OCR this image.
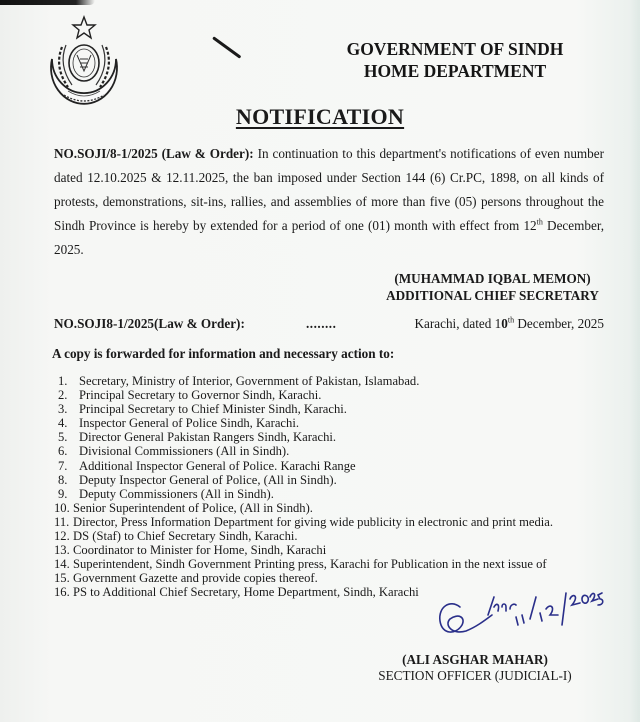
GOVERNMENT OF SINDH
HOME DEPARTMENT
NOTIFICATION
NO.SOJI/8-1/2025 (Law & Order): In continuation to this department's notifications of even number dated 12.10.2025 & 12.11.2025, the ban imposed under Section 144 (6) Cr.PC, 1898, on all kinds of protests, demonstrations, sit-ins, rallies, and assemblies of more than five (05) persons throughout the Sindh Province is hereby by extended for a period of one (01) month with effect from 12th December, 2025.
(MUHAMMAD IQBAL MEMON)
ADDITIONAL CHIEF SECRETARY
NO.SOJI8-1/2025(Law & Order):	........	Karachi, dated 10th December, 2025
A copy is forwarded for information and necessary action to:
1. Secretary, Ministry of Interior, Government of Pakistan, Islamabad.
2. Principal Secretary to Governor Sindh, Karachi.
3. Principal Secretary to Chief Minister Sindh, Karachi.
4. Inspector General of Police Sindh, Karachi.
5. Director General Pakistan Rangers Sindh, Karachi.
6. Divisional Commissioners (All in Sindh).
7. Additional Inspector General of Police. Karachi Range
8. Deputy Inspector General of Police, (All in Sindh).
9. Deputy Commissioners (All in Sindh).
10. Senior Superintendent of Police, (All in Sindh).
11. Director, Press Information Department for giving wide publicity in electronic and print media.
12. DS (Staf) to Chief Secretary Sindh, Karachi.
13. Coordinator to Minister for Home, Sindh, Karachi
14. Superintendent, Sindh Government Printing press, Karachi for Publication in the next issue of
15. Government Gazette and provide copies thereof.
16. PS to Additional Chief Secretary, Home Department, Sindh, Karachi
(ALI ASGHAR MAHAR)
SECTION OFFICER (JUDICIAL-I)
